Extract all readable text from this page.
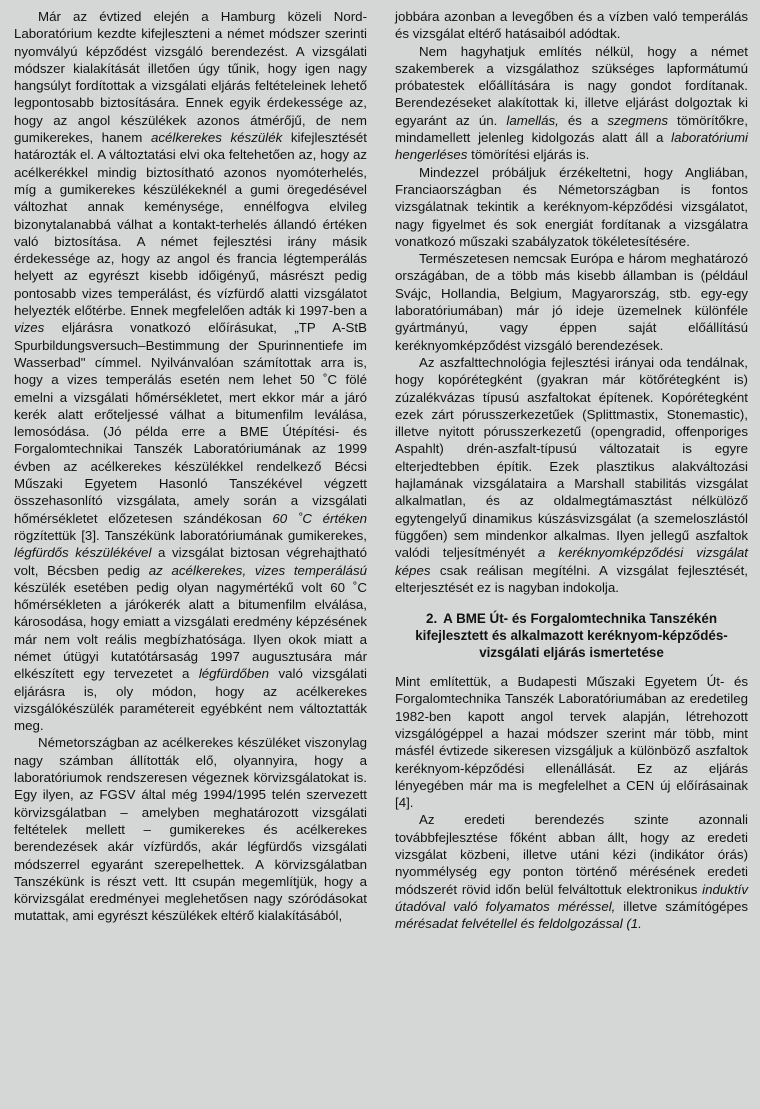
Már az évtized elején a Hamburg közeli Nord-Laboratórium kezdte kifejleszteni a német módszer szerinti nyomvályú képződést vizsgáló berendezést. A vizsgálati módszer kialakítását illetően úgy tűnik, hogy igen nagy hangsúlyt fordítottak a vizsgálati eljárás feltételeinek lehető legpontosabb biztosítására. Ennek egyik érdekessége az, hogy az angol készülékek azonos átmérőjű, de nem gumikerekes, hanem acélkerekes készülék kifejlesztését határozták el. A változtatási elvi oka feltehetően az, hogy az acélkerékkel mindig biztosítható azonos nyomóterhelés, míg a gumikerekes készülékeknél a gumi öregedésével változhat annak keménysége, ennélfogva elvileg bizonytalanabbá válhat a kontakt-terhelés állandó értéken való biztosítása. A német fejlesztési irány másik érdekessége az, hogy az angol és francia légtemperálás helyett az egyrészt kisebb időigényű, másrészt pedig pontosabb vizes temperálást, és vízfürdő alatti vizsgálatot helyezték előtérbe. Ennek megfelelően adták ki 1997-ben a vizes eljárásra vonatkozó előírásukat, „TP A-StB Spurbildungsversuch–Bestimmung der Spurinnentiefe im Wasserbad" címmel. Nyilvánvalóan számítottak arra is, hogy a vizes temperálás esetén nem lehet 50 ˚C fölé emelni a vizsgálati hőmérsékletet, mert ekkor már a járó kerék alatt erőteljessé válhat a bitumenfilm leválása, lemosódása. (Jó példa erre a BME Útépítési- és Forgalomtechnikai Tanszék Laboratóriumának az 1999 évben az acélkerekes készülékkel rendelkező Bécsi Műszaki Egyetem Hasonló Tanszékével végzett összehasonlító vizsgálata, amely során a vizsgálati hőmérsékletet előzetesen szándékosan 60 ˚C értéken rögzítettük [3]. Tanszékünk laboratóriumának gumikerekes, légfürdős készülékével a vizsgálat biztosan végrehajtható volt, Bécsben pedig az acélkerekes, vizes temperálású készülék esetében pedig olyan nagymértékű volt 60 ˚C hőmérsékleten a járókerék alatt a bitumenfilm elválása, károsodása, hogy emiatt a vizsgálati eredmény képzésének már nem volt reális megbízhatósága. Ilyen okok miatt a német útügyi kutatótársaság 1997 augusztusára már elkészített egy tervezetet a légfürdőben való vizsgálati eljárásra is, oly módon, hogy az acélkerekes vizsgálókészülék paramétereit egyébként nem változtatták meg.

Németországban az acélkerekes készüléket viszonylag nagy számban állították elő, olyannyira, hogy a laboratóriumok rendszeresen végeznek körvizsgálatokat is. Egy ilyen, az FGSV által még 1994/1995 telén szervezett körvizsgálatban – amelyben meghatározott vizsgálati feltételek mellett – gumikerekes és acélkerekes berendezések akár vízfürdős, akár légfürdős vizsgálati módszerrel egyaránt szerepelhettek. A körvizsgálatban Tanszékünk is részt vett. Itt csupán megemlítjük, hogy a körvizsgálat eredményei meglehetősen nagy szóródásokat mutattak, ami egyrészt készülékek eltérő kialakításából,

jobbára azonban a levegőben és a vízben való temperálás és vizsgálat eltérő hatásaiból adódtak.

Nem hagyhatjuk említés nélkül, hogy a német szakemberek a vizsgálathoz szükséges lapformátumú próbatestek előállítására is nagy gondot fordítanak. Berendezéseket alakítottak ki, illetve eljárást dolgoztak ki egyaránt az ún. lamellás, és a szegmens tömörítőkre, mindamellett jelenleg kidolgozás alatt áll a laboratóriumi hengerléses tömörítési eljárás is.

Mindezzel próbáljuk érzékeltetni, hogy Angliában, Franciaországban és Németországban is fontos vizsgálatnak tekintik a keréknyom-képződési vizsgálatot, nagy figyelmet és sok energiát fordítanak a vizsgálatra vonatkozó műszaki szabályzatok tökéletesítésére.

Természetesen nemcsak Európa e három meghatározó országában, de a több más kisebb államban is (például Svájc, Hollandia, Belgium, Magyarország, stb. egy-egy laboratóriumában) már jó ideje üzemelnek különféle gyártmányú, vagy éppen saját előállítású keréknyomképződést vizsgáló berendezések.

Az aszfalttechnológia fejlesztési irányai oda tendálnak, hogy kopórétegként (gyakran már kötőrétegként is) zúzalékvázas típusú aszfaltokat építenek. Kopórétegként ezek zárt pórusszerkezetűek (Splittmastix, Stonemastic), illetve nyitott pórusszerkezetű (opengradid, offenporiges Aspahlt) drén-aszfalt-típusú változatait is egyre elterjedtebben építik. Ezek plasztikus alakváltozási hajlamának vizsgálataira a Marshall stabilitás vizsgálat alkalmatlan, és az oldalmegtámasztást nélkülöző egytengelyű dinamikus kúszásvizsgálat (a szemeloszlástól függően) sem mindenkor alkalmas. Ilyen jellegű aszfaltok valódi teljesítményét a keréknyomképződési vizsgálat képes csak reálisan megítélni. A vizsgálat fejlesztését, elterjesztését ez is nagyban indokolja.

2. A BME Út- és Forgalomtechnika Tanszékén kifejlesztett és alkalmazott keréknyom-képződés-vizsgálati eljárás ismertetése

Mint említettük, a Budapesti Műszaki Egyetem Út- és Forgalomtechnika Tanszék Laboratóriumában az eredetileg 1982-ben kapott angol tervek alapján, létrehozott vizsgálógéppel a hazai módszer szerint már több, mint másfél évtizede sikeresen vizsgáljuk a különböző aszfaltok keréknyom-képződési ellenállását. Ez az eljárás lényegében már ma is megfelelhet a CEN új előírásainak [4].

Az eredeti berendezés szinte azonnali továbbfejlesztése főként abban állt, hogy az eredeti vizsgálat közbeni, illetve utáni kézi (indikátor órás) nyommélység egy ponton történő mérésének eredeti módszerét rövid időn belül felváltottuk elektronikus induktív útadóval való folyamatos méréssel, illetve számítógépes mérésadat felvétellel és feldolgozással (1.
